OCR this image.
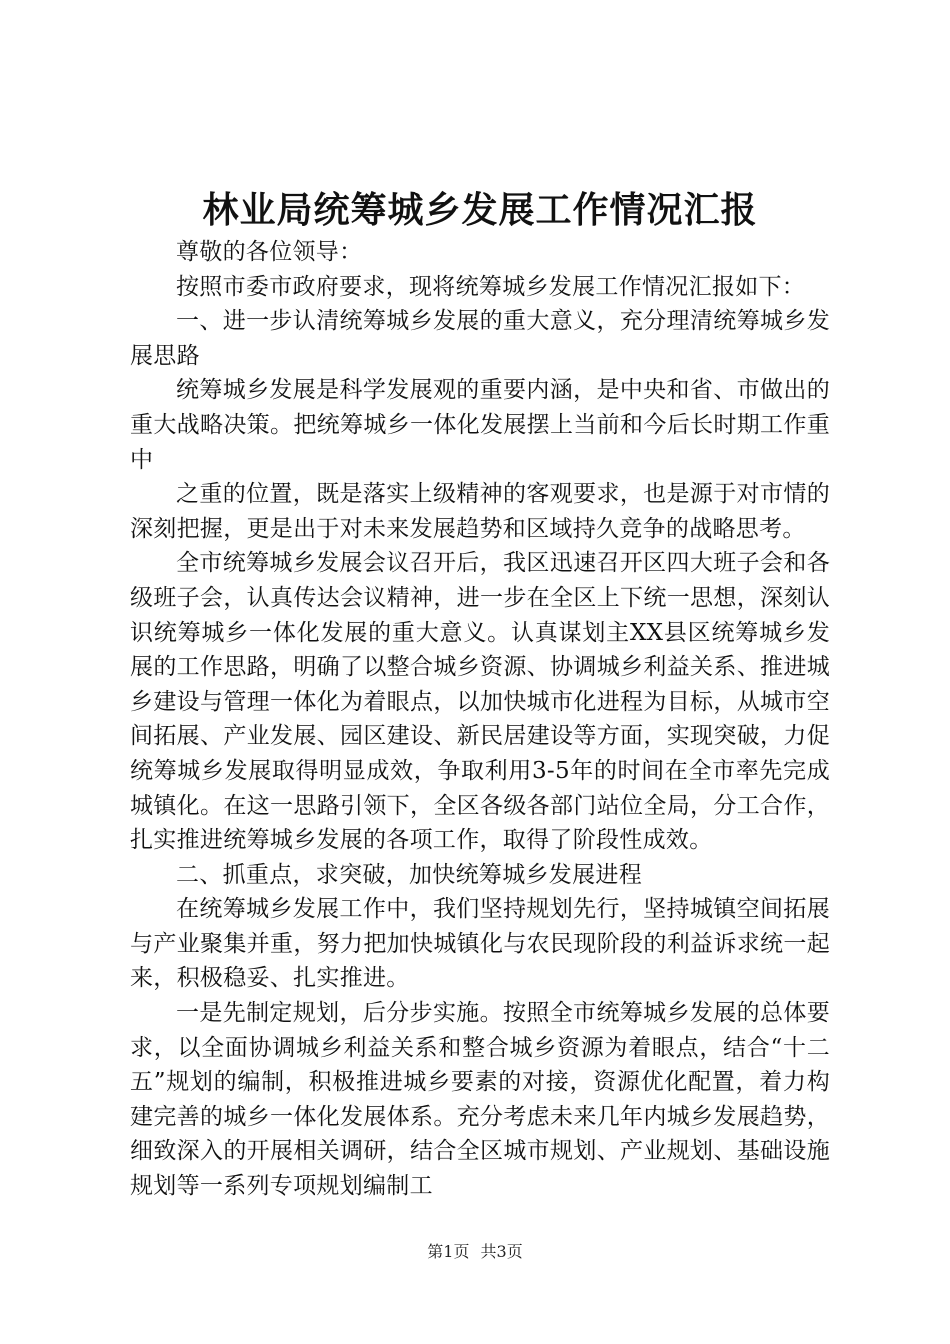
林业局统筹城乡发展工作情况汇报

尊敬的各位领导：

按照市委市政府要求，现将统筹城乡发展工作情况汇报如下：

一、进一步认清统筹城乡发展的重大意义，充分理清统筹城乡发展思路

统筹城乡发展是科学发展观的重要内涵，是中央和省、市做出的重大战略决策。把统筹城乡一体化发展摆上当前和今后长时期工作重中

之重的位置，既是落实上级精神的客观要求，也是源于对市情的深刻把握，更是出于对未来发展趋势和区域持久竞争的战略思考。

全市统筹城乡发展会议召开后，我区迅速召开区四大班子会和各级班子会，认真传达会议精神，进一步在全区上下统一思想，深刻认识统筹城乡一体化发展的重大意义。认真谋划主XX县区统筹城乡发展的工作思路，明确了以整合城乡资源、协调城乡利益关系、推进城乡建设与管理一体化为着眼点，以加快城市化进程为目标，从城市空间拓展、产业发展、园区建设、新民居建设等方面，实现突破，力促统筹城乡发展取得明显成效，争取利用3-5年的时间在全市率先完成城镇化。在这一思路引领下，全区各级各部门站位全局，分工合作，扎实推进统筹城乡发展的各项工作，取得了阶段性成效。

二、抓重点，求突破，加快统筹城乡发展进程

在统筹城乡发展工作中，我们坚持规划先行，坚持城镇空间拓展与产业聚集并重，努力把加快城镇化与农民现阶段的利益诉求统一起来，积极稳妥、扎实推进。

一是先制定规划，后分步实施。按照全市统筹城乡发展的总体要求，以全面协调城乡利益关系和整合城乡资源为着眼点，结合“十二五”规划的编制，积极推进城乡要素的对接，资源优化配置，着力构建完善的城乡一体化发展体系。充分考虑未来几年内城乡发展趋势，细致深入的开展相关调研，结合全区城市规划、产业规划、基础设施规划等一系列专项规划编制工

第1页 共3页
